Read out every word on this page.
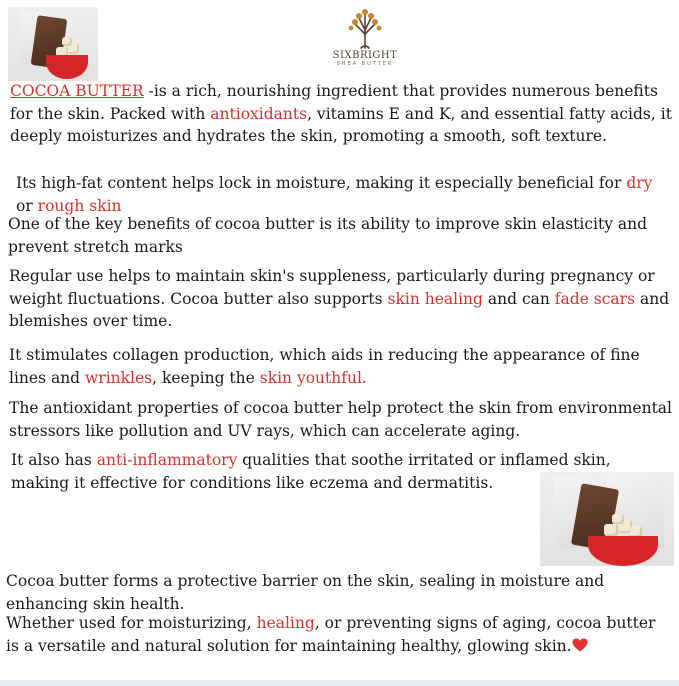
SIXBRIGHT
SHEA BUTTER

COCOA BUTTER -is a rich, nourishing ingredient that provides numerous benefits for the skin. Packed with antioxidants, vitamins E and K, and essential fatty acids, it deeply moisturizes and hydrates the skin, promoting a smooth, soft texture.

Its high-fat content helps lock in moisture, making it especially beneficial for dry or rough skin

One of the key benefits of cocoa butter is its ability to improve skin elasticity and prevent stretch marks

Regular use helps to maintain skin's suppleness, particularly during pregnancy or weight fluctuations. Cocoa butter also supports skin healing and can fade scars and blemishes over time.

It stimulates collagen production, which aids in reducing the appearance of fine lines and wrinkles, keeping the skin youthful.

The antioxidant properties of cocoa butter help protect the skin from environmental stressors like pollution and UV rays, which can accelerate aging.

It also has anti-inflammatory qualities that soothe irritated or inflamed skin, making it effective for conditions like eczema and dermatitis.

Cocoa butter forms a protective barrier on the skin, sealing in moisture and enhancing skin health.

Whether used for moisturizing, healing, or preventing signs of aging, cocoa butter is a versatile and natural solution for maintaining healthy, glowing skin.
